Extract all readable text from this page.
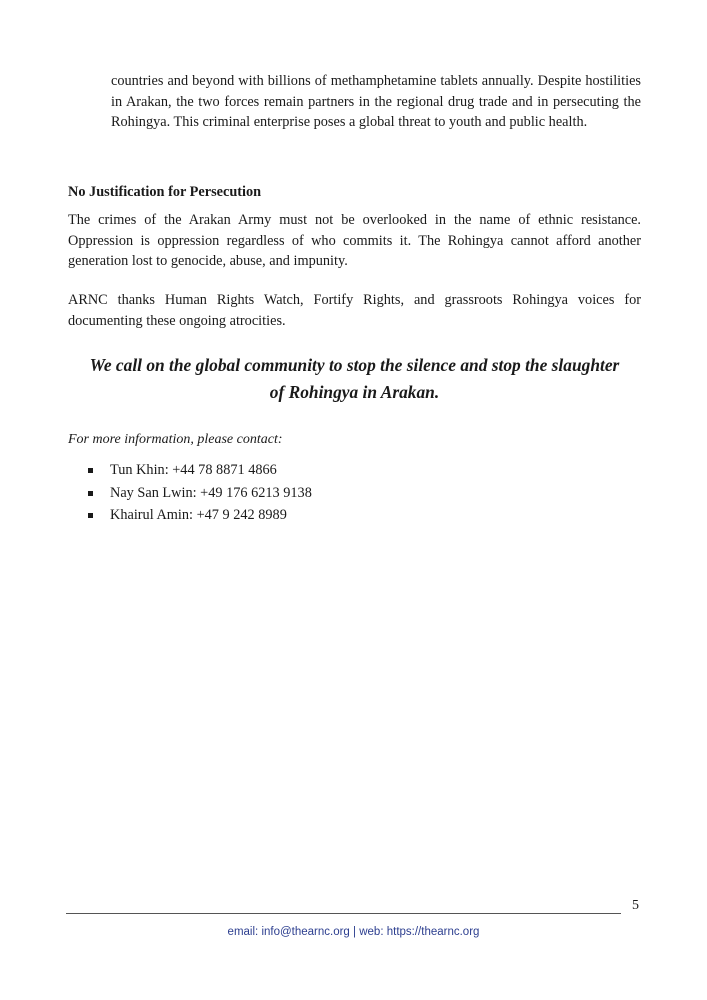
countries and beyond with billions of methamphetamine tablets annually. Despite hostilities in Arakan, the two forces remain partners in the regional drug trade and in persecuting the Rohingya. This criminal enterprise poses a global threat to youth and public health.

No Justification for Persecution

The crimes of the Arakan Army must not be overlooked in the name of ethnic resistance. Oppression is oppression regardless of who commits it. The Rohingya cannot afford another generation lost to genocide, abuse, and impunity.

ARNC thanks Human Rights Watch, Fortify Rights, and grassroots Rohingya voices for documenting these ongoing atrocities.

We call on the global community to stop the silence and stop the slaughter
of Rohingya in Arakan.

For more information, please contact:

Tun Khin: +44 78 8871 4866
Nay San Lwin: +49 176 6213 9138
Khairul Amin: +47 9 242 8989
5
email: info@thearnc.org | web: https://thearnc.org
